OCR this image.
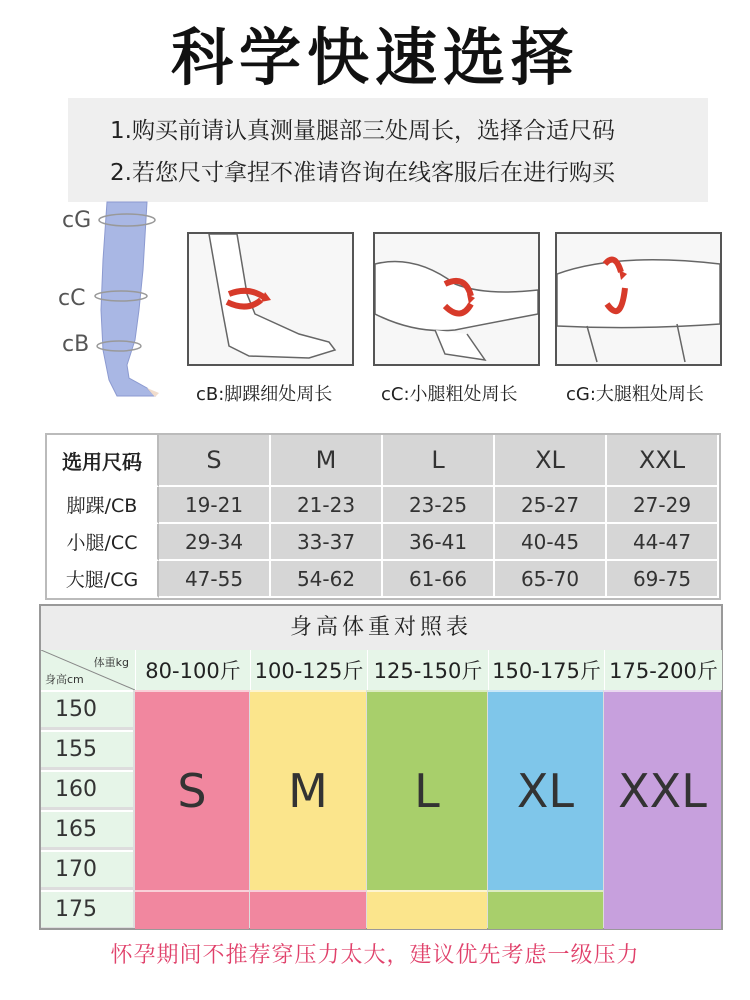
科学快速选择
1.购买前请认真测量腿部三处周长，选择合适尺码
2.若您尺寸拿捏不准请咨询在线客服后在进行购买
cG
cC
cB
cB:脚踝细处周长	cC:小腿粗处周长	cG:大腿粗处周长
选用尺码	S	M	L	XL	XXL
脚踝/CB	19-21	21-23	23-25	25-27	27-29
小腿/CC	29-34	33-37	36-41	40-45	44-47
大腿/CG	47-55	54-62	61-66	65-70	69-75
身高体重对照表
体重kg
身高cm	80-100斤 100-125斤 125-150斤 150-175斤 175-200斤
150
155
160
165
170
175
S	M	L	XL XXL
怀孕期间不推荐穿压力太大，建议优先考虑一级压力
